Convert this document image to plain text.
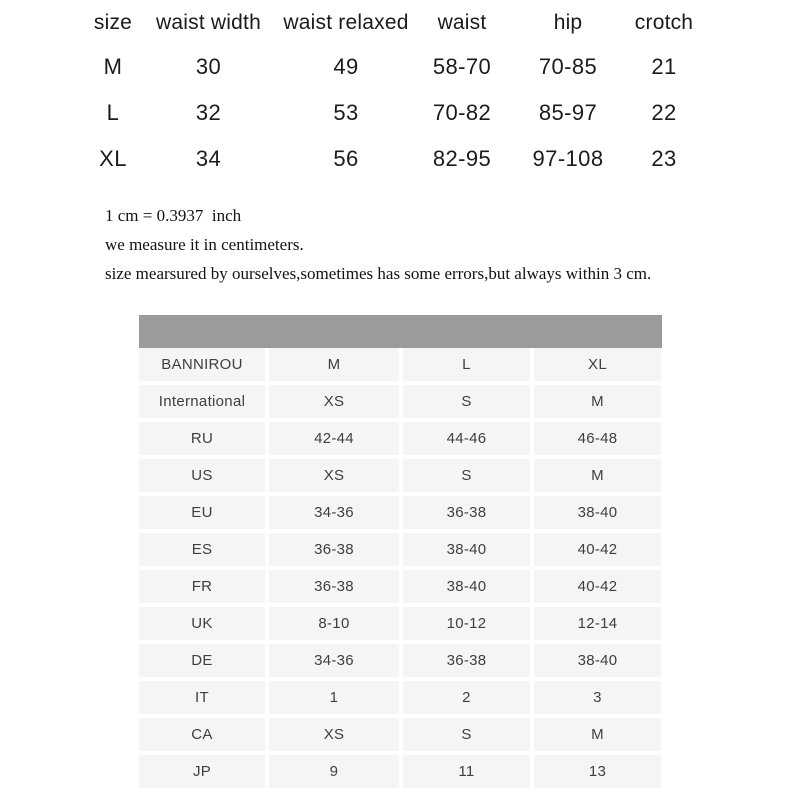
size	waist width	waist relaxed	waist	hip	crotch
M	30	49	58-70	70-85	21
L	32	53	70-82	85-97	22
XL	34	56	82-95	97-108	23
1 cm = 0.3937  inch
we measure it in centimeters.
size mearsured by ourselves,sometimes has some errors,but always within 3 cm.
BANNIROU	M	L	XL
International	XS	S	M
RU	42-44	44-46	46-48
US	XS	S	M
EU	34-36	36-38	38-40
ES	36-38	38-40	40-42
FR	36-38	38-40	40-42
UK	8-10	10-12	12-14
DE	34-36	36-38	38-40
IT	1	2	3
CA	XS	S	M
JP	9	11	13
